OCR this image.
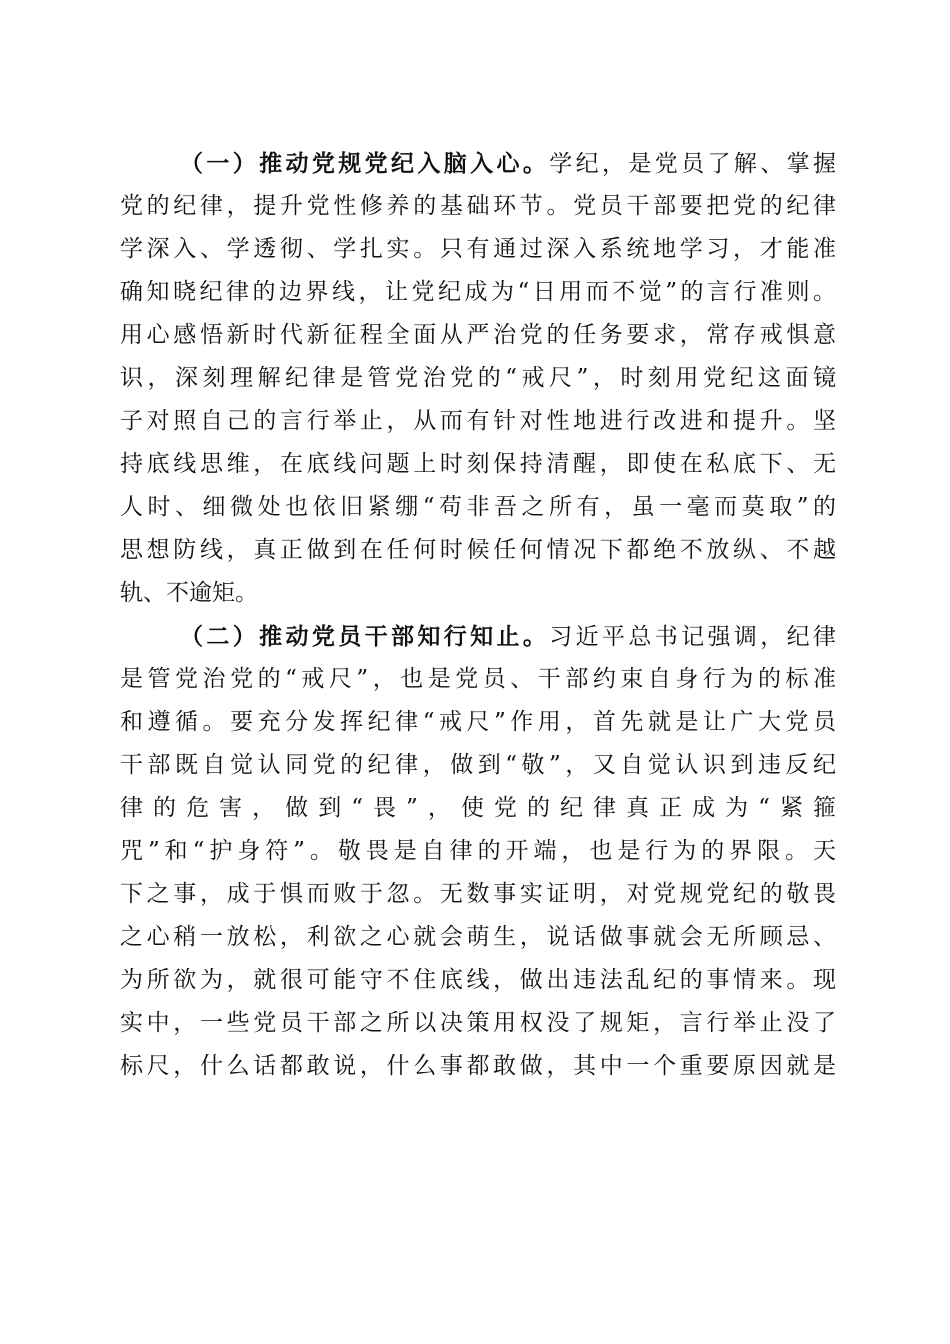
（一）推动党规党纪入脑入心。学纪，是党员了解、掌握
党的纪律，提升党性修养的基础环节。党员干部要把党的纪律
学深入、学透彻、学扎实。只有通过深入系统地学习，才能准
确知晓纪律的边界线，让党纪成为“日用而不觉”的言行准则。
用心感悟新时代新征程全面从严治党的任务要求，常存戒惧意
识，深刻理解纪律是管党治党的“戒尺”，时刻用党纪这面镜
子对照自己的言行举止，从而有针对性地进行改进和提升。坚
持底线思维，在底线问题上时刻保持清醒，即使在私底下、无
人时、细微处也依旧紧绷“苟非吾之所有，虽一毫而莫取”的
思想防线，真正做到在任何时候任何情况下都绝不放纵、不越
轨、不逾矩。
（二）推动党员干部知行知止。习近平总书记强调，纪律
是管党治党的“戒尺”，也是党员、干部约束自身行为的标准
和遵循。要充分发挥纪律“戒尺”作用，首先就是让广大党员
干部既自觉认同党的纪律，做到“敬”，又自觉认识到违反纪
律的危害，做到“畏”，使党的纪律真正成为“紧箍
咒”和“护身符”。敬畏是自律的开端，也是行为的界限。天
下之事，成于惧而败于忽。无数事实证明，对党规党纪的敬畏
之心稍一放松，利欲之心就会萌生，说话做事就会无所顾忌、
为所欲为，就很可能守不住底线，做出违法乱纪的事情来。现
实中，一些党员干部之所以决策用权没了规矩，言行举止没了
标尺，什么话都敢说，什么事都敢做，其中一个重要原因就是
